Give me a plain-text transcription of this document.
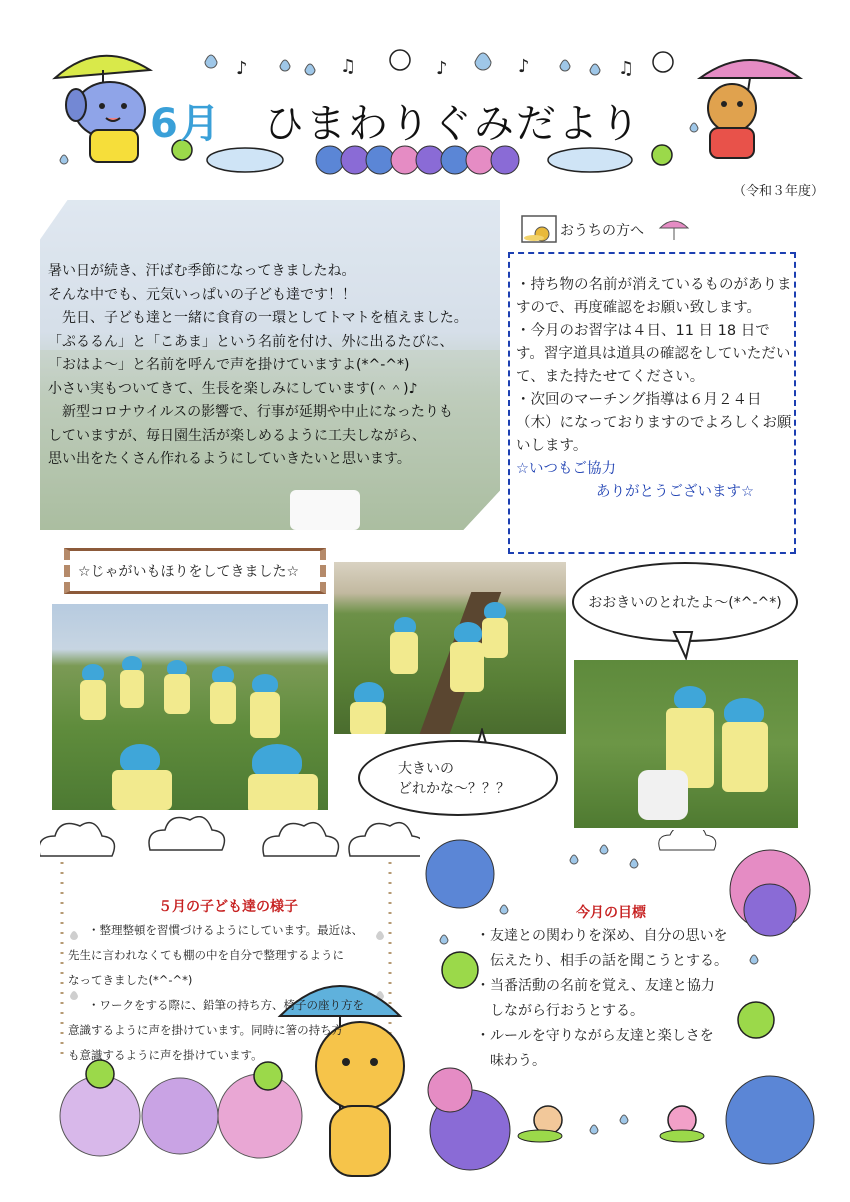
♪	♫	♪	♪	♫
6月 ひまわりぐみだより
（令和３年度）
暑い日が続き、汗ばむ季節になってきましたね。
そんな中でも、元気いっぱいの子ども達です！！
　先日、子ども達と一緒に食育の一環としてトマトを植えました。
「ぷるるん」と「こあま」という名前を付け、外に出るたびに、
「おはよ～」と名前を呼んで声を掛けていますよ(*^-^*)
小さい実もついてきて、生長を楽しみにしています(＾＾)♪
　新型コロナウイルスの影響で、行事が延期や中止になったりも
していますが、毎日園生活が楽しめるように工夫しながら、
思い出をたくさん作れるようにしていきたいと思います。
おうちの方へ
・持ち物の名前が消えているものがありますので、再度確認をお願い致します。
・今月のお習字は４日、11 日 18 日です。習字道具は道具の確認をしていただいて、また持たせてください。
・次回のマーチング指導は６月２４日（木）になっておりますのでよろしくお願いします。
☆いつもご協力
ありがとうございます☆
☆じゃがいもほりをしてきました☆
おおきいのとれたよ～(*^-^*)
大きいの
どれかな～？？？
５月の子ども達の様子
・整理整頓を習慣づけるようにしています。最近は、
先生に言われなくても棚の中を自分で整理するように
なってきました(*^-^*)
・ワークをする際に、鉛筆の持ち方、椅子の座り方を
意識するように声を掛けています。同時に箸の持ち方
も意識するように声を掛けています。
今月の目標
・友達との関わりを深め、自分の思いを
　伝えたり、相手の話を聞こうとする。
・当番活動の名前を覚え、友達と協力
　しながら行おうとする。
・ルールを守りながら友達と楽しさを
　味わう。
